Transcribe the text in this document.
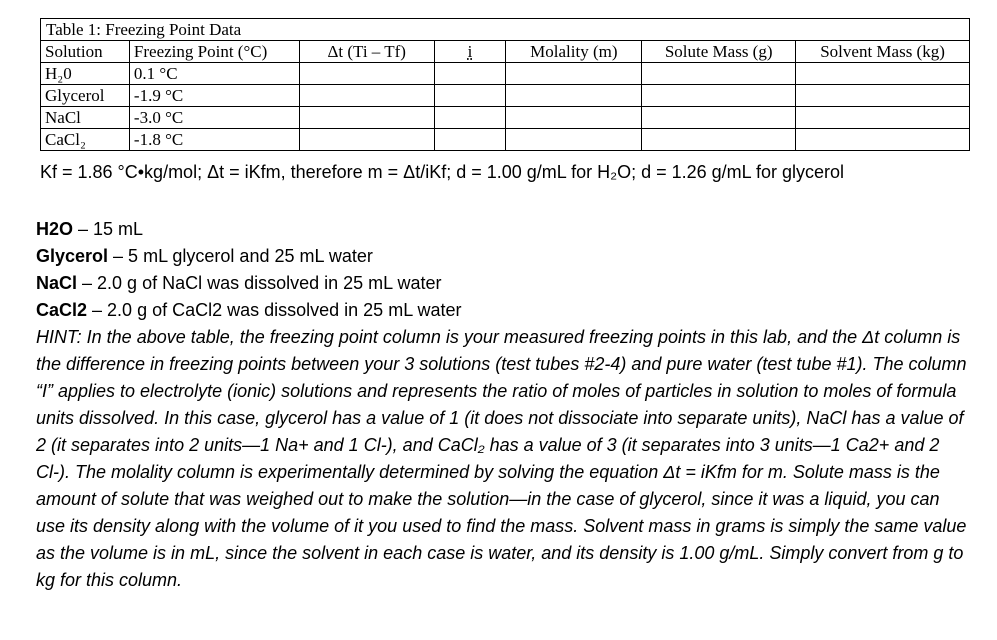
Table 1: Freezing Point Data						
Solution	Freezing Point (°C)	Δt (Ti – Tf)	i	Molality (m)	Solute Mass (g)	Solvent Mass (kg)
H₂0	0.1 °C					
Glycerol	-1.9 °C					
NaCl	-3.0 °C					
CaCl₂	-1.8 °C					
Kf = 1.86 °C•kg/mol; Δt = iKfm, therefore m = Δt/iKf; d = 1.00 g/mL for H₂O; d = 1.26 g/mL for glycerol
H2O – 15 mL
Glycerol – 5 mL glycerol and 25 mL water
NaCl – 2.0 g of NaCl was dissolved in 25 mL water
CaCl2 – 2.0 g of CaCl2 was dissolved in 25 mL water
HINT: In the above table, the freezing point column is your measured freezing points in this lab, and the Δt column is the difference in freezing points between your 3 solutions (test tubes #2-4) and pure water (test tube #1). The column “I” applies to electrolyte (ionic) solutions and represents the ratio of moles of particles in solution to moles of formula units dissolved. In this case, glycerol has a value of 1 (it does not dissociate into separate units), NaCl has a value of 2 (it separates into 2 units—1 Na+ and 1 Cl-), and CaCl₂ has a value of 3 (it separates into 3 units—1 Ca2+ and 2 Cl-). The molality column is experimentally determined by solving the equation Δt = iKfm for m. Solute mass is the amount of solute that was weighed out to make the solution—in the case of glycerol, since it was a liquid, you can use its density along with the volume of it you used to find the mass. Solvent mass in grams is simply the same value as the volume is in mL, since the solvent in each case is water, and its density is 1.00 g/mL. Simply convert from g to kg for this column.
